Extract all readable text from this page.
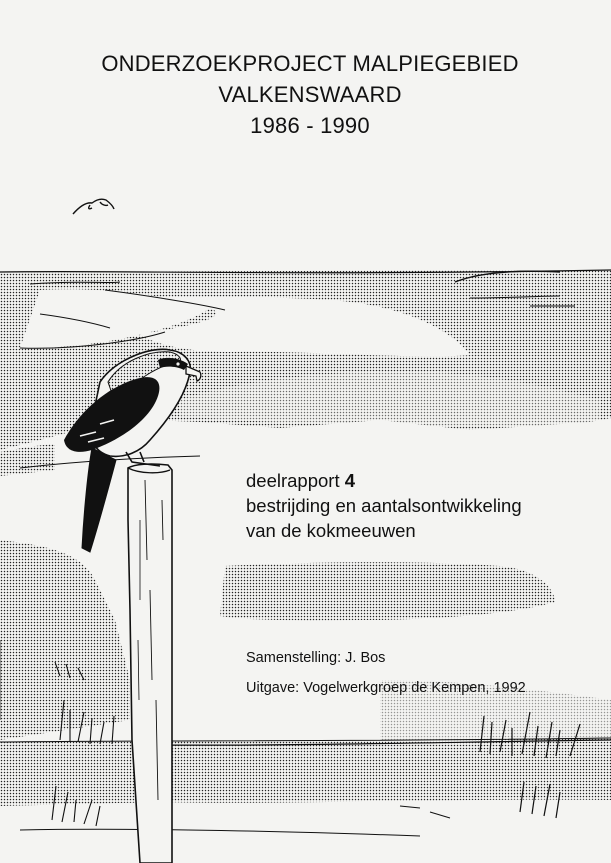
ONDERZOEKPROJECT MALPIEGEBIED
VALKENSWAARD
1986 - 1990
deelrapport 4
bestrijding en aantalsontwikkeling
van de kokmeeuwen
Samenstelling: J. Bos
Uitgave: Vogelwerkgroep de Kempen, 1992
